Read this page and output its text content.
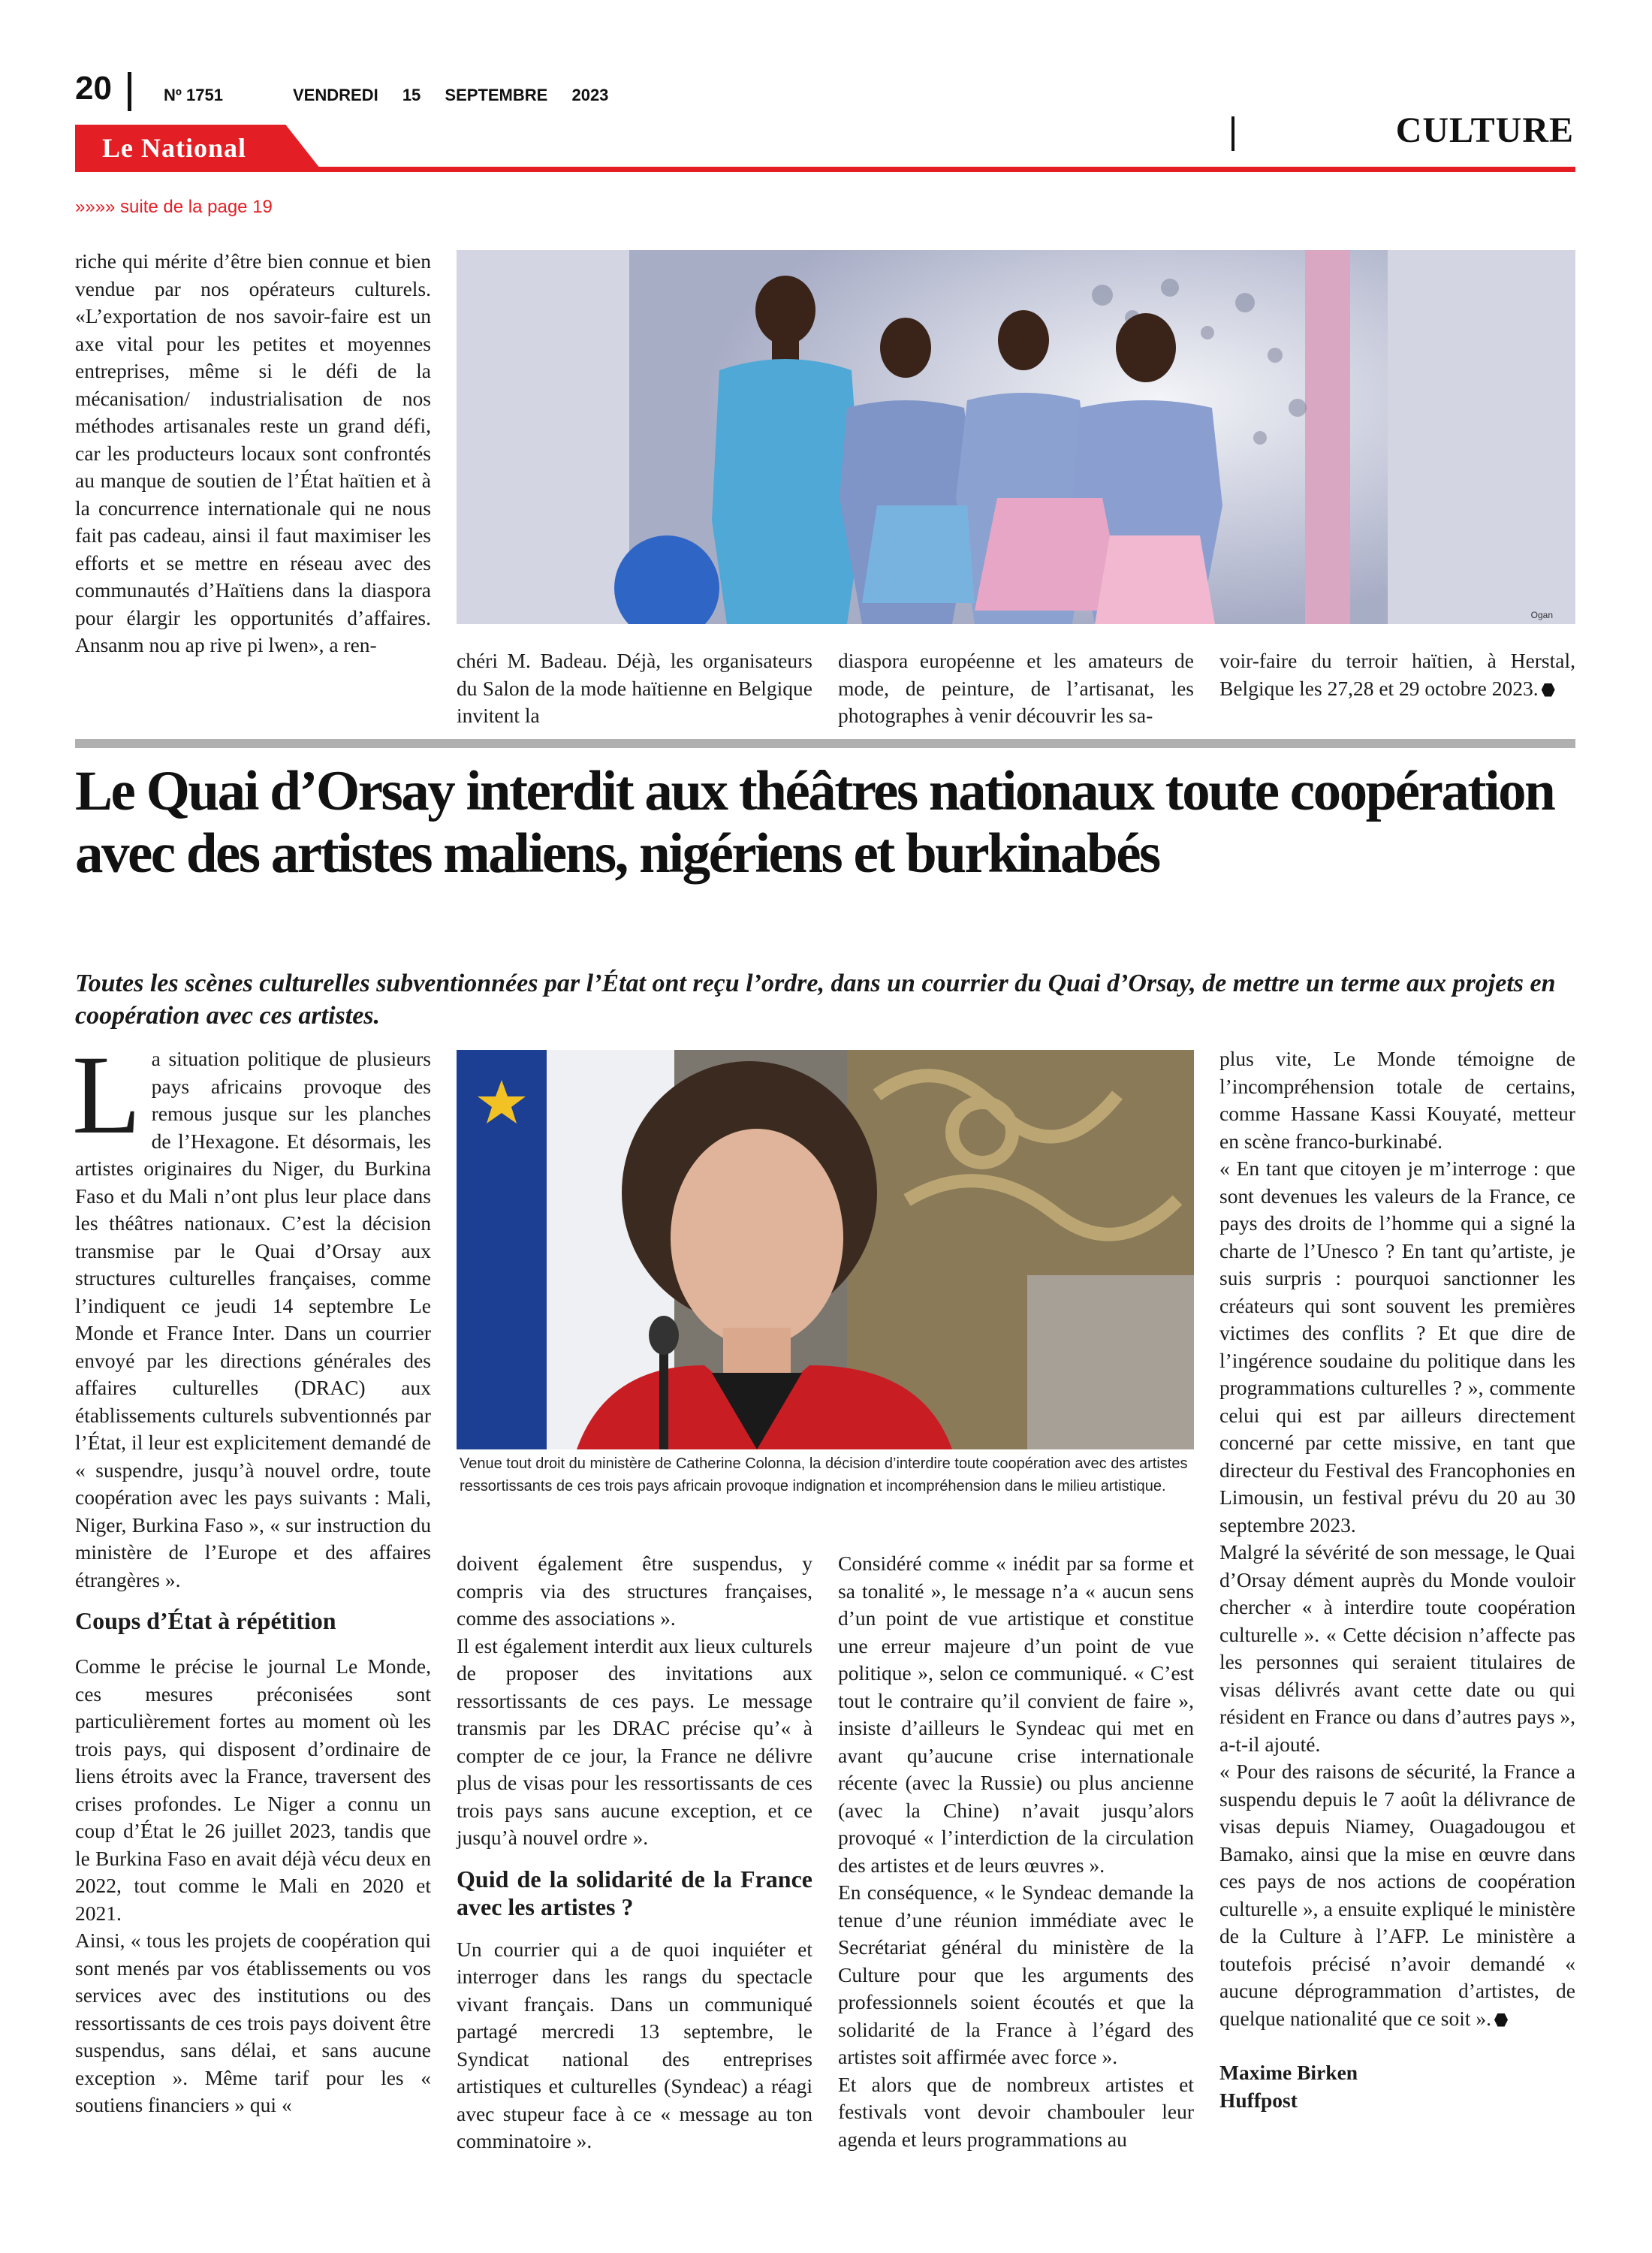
20	Nº 1751	VENDREDI 15 SEPTEMBRE 2023
CULTURE
Le National
»»»» suite de la page 19

riche qui mérite d’être bien connue et bien vendue par nos opérateurs culturels. «L’exportation de nos savoir-faire est un axe vital pour les petites et moyennes entreprises, même si le défi de la mécanisation/ industrialisation de nos méthodes artisanales reste un grand défi, car les producteurs locaux sont confrontés au manque de soutien de l’État haïtien et à la concurrence internationale qui ne nous fait pas cadeau, ainsi il faut maximiser les efforts et se mettre en réseau avec des communautés d’Haïtiens dans la diaspora pour élargir les opportunités d’affaires. Ansanm nou ap rive pi lwen», a ren-

Ogan

chéri M. Badeau. Déjà, les organisateurs du Salon de la mode haïtienne en Belgique invitent la

diaspora européenne et les amateurs de mode, de peinture, de l’artisanat, les photographes à venir découvrir les sa-

voir-faire du terroir haïtien, à Herstal, Belgique les 27,28 et 29 octobre 2023.

Le Quai d’Orsay interdit aux théâtres nationaux toute coopération avec des artistes maliens, nigériens et burkinabés

Toutes les scènes culturelles subventionnées par l’État ont reçu l’ordre, dans un courrier du Quai d’Orsay, de mettre un terme aux projets en coopération avec ces artistes.

La situation politique de plusieurs pays africains provoque des remous jusque sur les planches de l’Hexagone. Et désormais, les artistes originaires du Niger, du Burkina Faso et du Mali n’ont plus leur place dans les théâtres nationaux. C’est la décision transmise par le Quai d’Orsay aux structures culturelles françaises, comme l’indiquent ce jeudi 14 septembre Le Monde et France Inter. Dans un courrier envoyé par les directions générales des affaires culturelles (DRAC) aux établissements culturels subventionnés par l’État, il leur est explicitement demandé de « suspendre, jusqu’à nouvel ordre, toute coopération avec les pays suivants : Mali, Niger, Burkina Faso », « sur instruction du ministère de l’Europe et des affaires étrangères ».

Coups d’État à répétition

Comme le précise le journal Le Monde, ces mesures préconisées sont particulièrement fortes au moment où les trois pays, qui disposent d’ordinaire de liens étroits avec la France, traversent des crises profondes. Le Niger a connu un coup d’État le 26 juillet 2023, tandis que le Burkina Faso en avait déjà vécu deux en 2022, tout comme le Mali en 2020 et 2021.

Ainsi, « tous les projets de coopération qui sont menés par vos établissements ou vos services avec des institutions ou des ressortissants de ces trois pays doivent être suspendus, sans délai, et sans aucune exception ». Même tarif pour les « soutiens financiers » qui «

Venue tout droit du ministère de Catherine Colonna, la décision d’interdire toute coopération avec des artistes ressortissants de ces trois pays africain provoque indignation et incompréhension dans le milieu artistique.

doivent également être suspendus, y compris via des structures françaises, comme des associations ».

Il est également interdit aux lieux culturels de proposer des invitations aux ressortissants de ces pays. Le message transmis par les DRAC précise qu’« à compter de ce jour, la France ne délivre plus de visas pour les ressortissants de ces trois pays sans aucune exception, et ce jusqu’à nouvel ordre ».

Quid de la solidarité de la France avec les artistes ?

Un courrier qui a de quoi inquiéter et interroger dans les rangs du spectacle vivant français. Dans un communiqué partagé mercredi 13 septembre, le Syndicat national des entreprises artistiques et culturelles (Syndeac) a réagi avec stupeur face à ce « message au ton comminatoire ».

Considéré comme « inédit par sa forme et sa tonalité », le message n’a « aucun sens d’un point de vue artistique et constitue une erreur majeure d’un point de vue politique », selon ce communiqué. « C’est tout le contraire qu’il convient de faire », insiste d’ailleurs le Syndeac qui met en avant qu’aucune crise internationale récente (avec la Russie) ou plus ancienne (avec la Chine) n’avait jusqu’alors provoqué « l’interdiction de la circulation des artistes et de leurs œuvres ».

En conséquence, « le Syndeac demande la tenue d’une réunion immédiate avec le Secrétariat général du ministère de la Culture pour que les arguments des professionnels soient écoutés et que la solidarité de la France à l’égard des artistes soit affirmée avec force ».

Et alors que de nombreux artistes et festivals vont devoir chambouler leur agenda et leurs programmations au

plus vite, Le Monde témoigne de l’incompréhension totale de certains, comme Hassane Kassi Kouyaté, metteur en scène franco-burkinabé.

« En tant que citoyen je m’interroge : que sont devenues les valeurs de la France, ce pays des droits de l’homme qui a signé la charte de l’Unesco ? En tant qu’artiste, je suis surpris : pourquoi sanctionner les créateurs qui sont souvent les premières victimes des conflits ? Et que dire de l’ingérence soudaine du politique dans les programmations culturelles ? », commente celui qui est par ailleurs directement concerné par cette missive, en tant que directeur du Festival des Francophonies en Limousin, un festival prévu du 20 au 30 septembre 2023.

Malgré la sévérité de son message, le Quai d’Orsay dément auprès du Monde vouloir chercher « à interdire toute coopération culturelle ». « Cette décision n’affecte pas les personnes qui seraient titulaires de visas délivrés avant cette date ou qui résident en France ou dans d’autres pays », a-t-il ajouté.

« Pour des raisons de sécurité, la France a suspendu depuis le 7 août la délivrance de visas depuis Niamey, Ouagadougou et Bamako, ainsi que la mise en œuvre dans ces pays de nos actions de coopération culturelle », a ensuite expliqué le ministère de la Culture à l’AFP. Le ministère a toutefois précisé n’avoir demandé « aucune déprogrammation d’artistes, de quelque nationalité que ce soit ».

Maxime Birken
Huffpost
